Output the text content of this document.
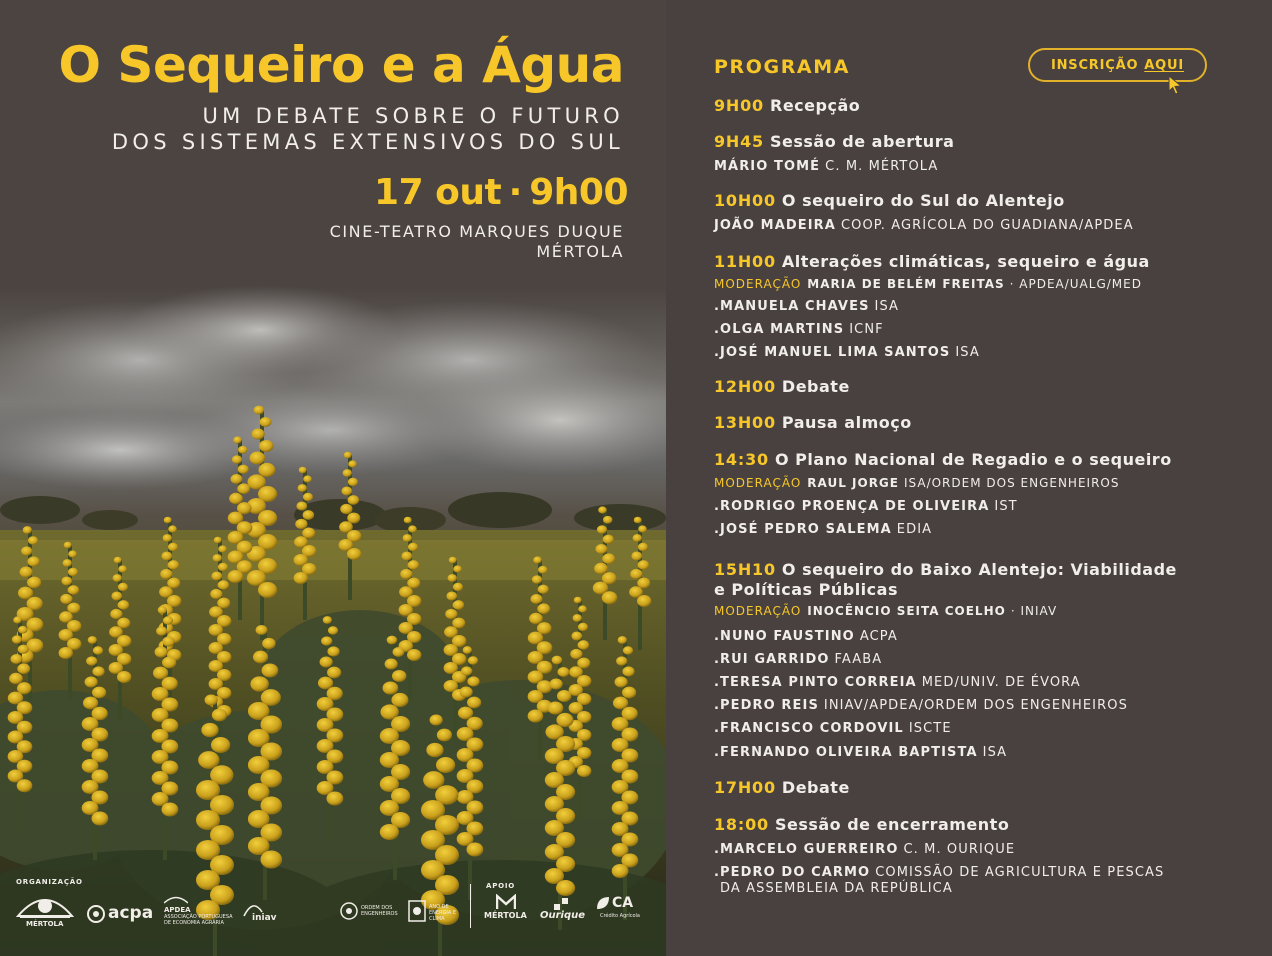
O Sequeiro e a Água
UM DEBATE SOBRE O FUTURO
DOS SISTEMAS EXTENSIVOS DO SUL
17 out · 9h00
CINE-TEATRO MARQUES DUQUE
MÉRTOLA
ORGANIZAÇÃO	APOIO
MÉRTOLA
acpa APDEA
ASSOCIAÇÃO PORTUGUESA DE ECONOMIA AGRÁRIA	iniav
ORDEM DOS ENGENHEIROS
ANO DE ENERGIA E CLIMA	MÉRTOLA Ourique
CA
Crédito Agrícola
PROGRAMA	INSCRIÇÃO AQUI
9H00 Recepção
9H45 Sessão de abertura
MÁRIO TOMÉ C. M. MÉRTOLA
10H00 O sequeiro do Sul do Alentejo
JOÃO MADEIRA COOP. AGRÍCOLA DO GUADIANA/APDEA
11H00 Alterações climáticas, sequeiro e água
MODERAÇÃO MARIA DE BELÉM FREITAS · APDEA/UALG/MED
.MANUELA CHAVES ISA
.OLGA MARTINS ICNF
.JOSÉ MANUEL LIMA SANTOS ISA
12H00 Debate
13H00 Pausa almoço
14:30 O Plano Nacional de Regadio e o sequeiro
MODERAÇÃO RAUL JORGE ISA/ORDEM DOS ENGENHEIROS
.RODRIGO PROENÇA DE OLIVEIRA IST
.JOSÉ PEDRO SALEMA EDIA
15H10 O sequeiro do Baixo Alentejo: Viabilidade
e Políticas Públicas
MODERAÇÃO INOCÊNCIO SEITA COELHO · INIAV
.NUNO FAUSTINO ACPA
.RUI GARRIDO FAABA
.TERESA PINTO CORREIA MED/UNIV. DE ÉVORA
.PEDRO REIS INIAV/APDEA/ORDEM DOS ENGENHEIROS
.FRANCISCO CORDOVIL ISCTE
.FERNANDO OLIVEIRA BAPTISTA ISA
17H00 Debate
18:00 Sessão de encerramento
.MARCELO GUERREIRO C. M. OURIQUE
.PEDRO DO CARMO COMISSÃO DE AGRICULTURA E PESCAS
DA ASSEMBLEIA DA REPÚBLICA
